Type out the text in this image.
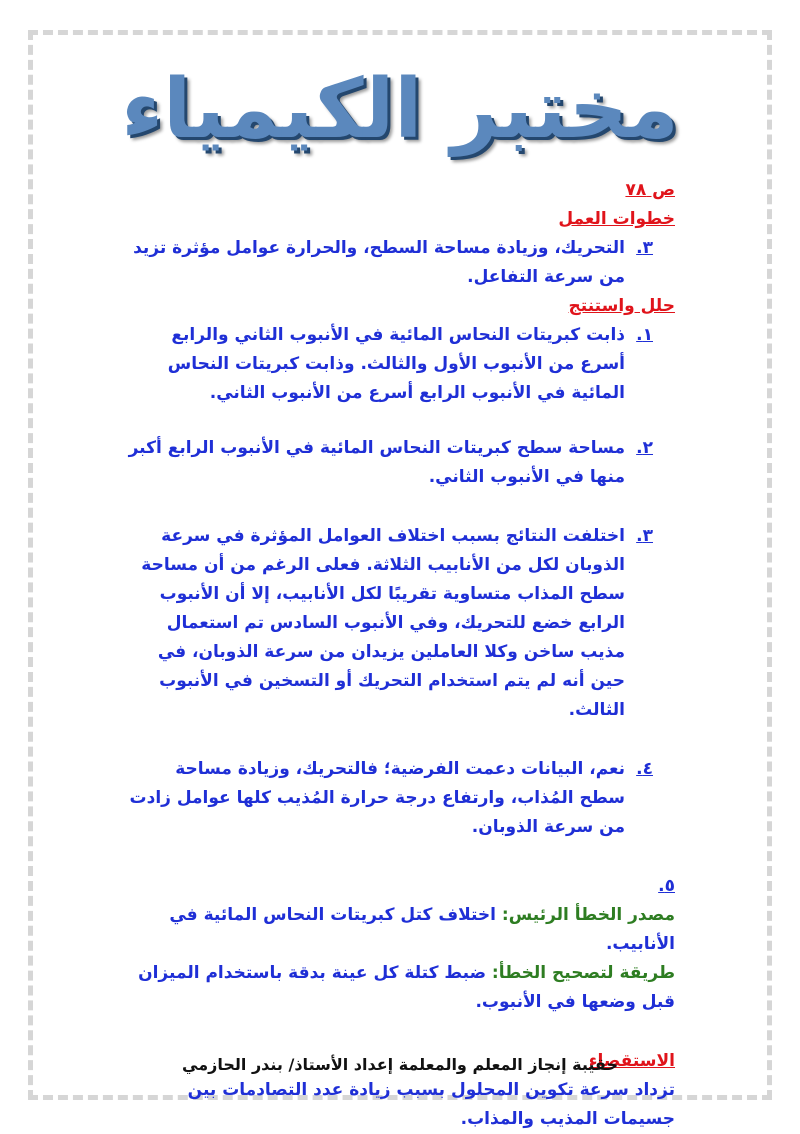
مختبر الكيمياء
ص ٧٨
خطوات العمل
٣.
التحريك، وزيادة مساحة السطح، والحرارة عوامل مؤثرة تزيد من سرعة التفاعل.
حلل واستنتج
١.
ذابت كبريتات النحاس المائية في الأنبوب الثاني والرابع أسرع من الأنبوب الأول والثالث. وذابت كبريتات النحاس المائية في الأنبوب الرابع أسرع من الأنبوب الثاني.
٢.
مساحة سطح كبريتات النحاس المائية في الأنبوب الرابع أكبر منها في الأنبوب الثاني.
٣.
اختلفت النتائج بسبب اختلاف العوامل المؤثرة في سرعة الذوبان لكل من الأنابيب الثلاثة. فعلى الرغم من أن مساحة سطح المذاب متساوية تقريبًا لكل الأنابيب، إلا أن الأنبوب الرابع خضع للتحريك، وفي الأنبوب السادس تم استعمال مذيب ساخن وكلا العاملين يزيدان من سرعة الذوبان، في حين أنه لم يتم استخدام التحريك أو التسخين في الأنبوب الثالث.
٤.
نعم، البيانات دعمت الفرضية؛ فالتحريك، وزيادة مساحة سطح المُذاب، وارتفاع درجة حرارة المُذيب كلها عوامل زادت من سرعة الذوبان.
٥.
مصدر الخطأ الرئيس: اختلاف كتل كبريتات النحاس المائية في الأنابيب.
طريقة لتصحيح الخطأ: ضبط كتلة كل عينة بدقة باستخدام الميزان قبل وضعها في الأنبوب.
الاستقصاء
تزداد سرعة تكوين المحلول بسبب زيادة عدد التصادمات بين جسيمات المذيب والمذاب.
حقيبة إنجاز المعلم والمعلمة إعداد الأستاذ/ بندر الحازمي
